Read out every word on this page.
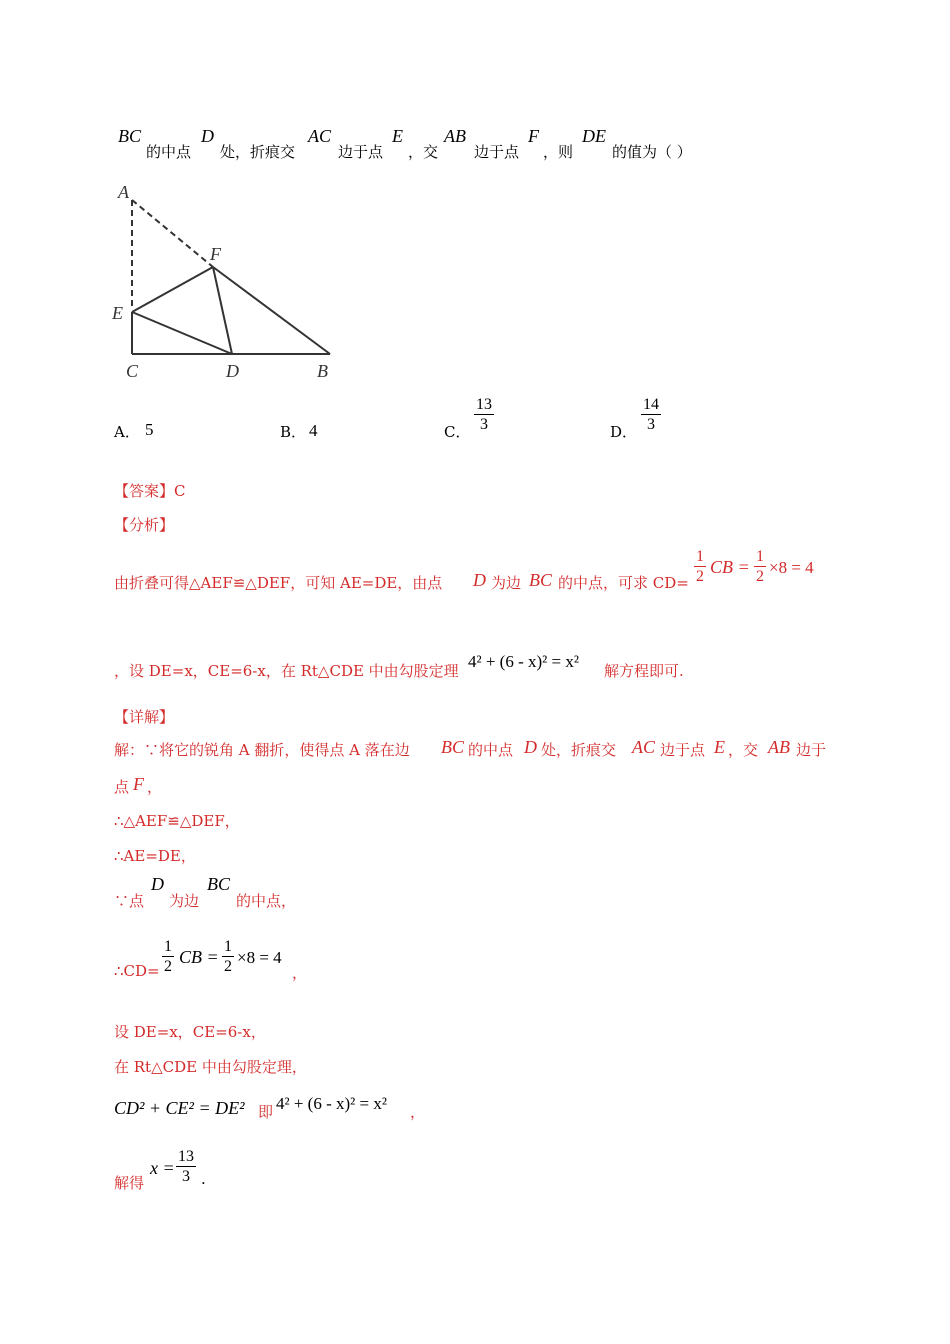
BC
的中点
D
处，折痕交
AC
边于点
E
，交
AB
边于点
F
，则
DE
的值为（ ）
A
F
E
C	D	B
A． 5	B． 4	C． $\frac{13}{3}$	D． $\frac{14}{3}$
【答案】C
【分析】
由折叠可得△AEF≌△DEF，可知 AE=DE，由点 D 为边 BC 的中点，可求 $CD= \frac{1}{2}$ CB = $\frac{1}{2} \times 8 = 4$
，设 DE=x，CE=6-x，在 Rt△CDE 中由勾股定理 4² + (6 - x)² = x² 解方程即可.
【详解】
解：∵将它的锐角 A 翻折，使得点 A 落在边 BC 的中点 D 处，折痕交 AC 边于点 E ，交 AB 边于
点 F ，
∴△AEF≌△DEF，
∴AE=DE，
∵点
D
为边
BC
的中点，
∴CD= $\frac{1}{2}$ CB = $\frac{1}{2} \times 8 = 4$
，
设 DE=x，CE=6-x，
在 Rt△CDE 中由勾股定理，
CD² + CE² = DE² 即 4² + (6 - x)² = x² ，
解得
$x = \frac{13}{3}$ .
